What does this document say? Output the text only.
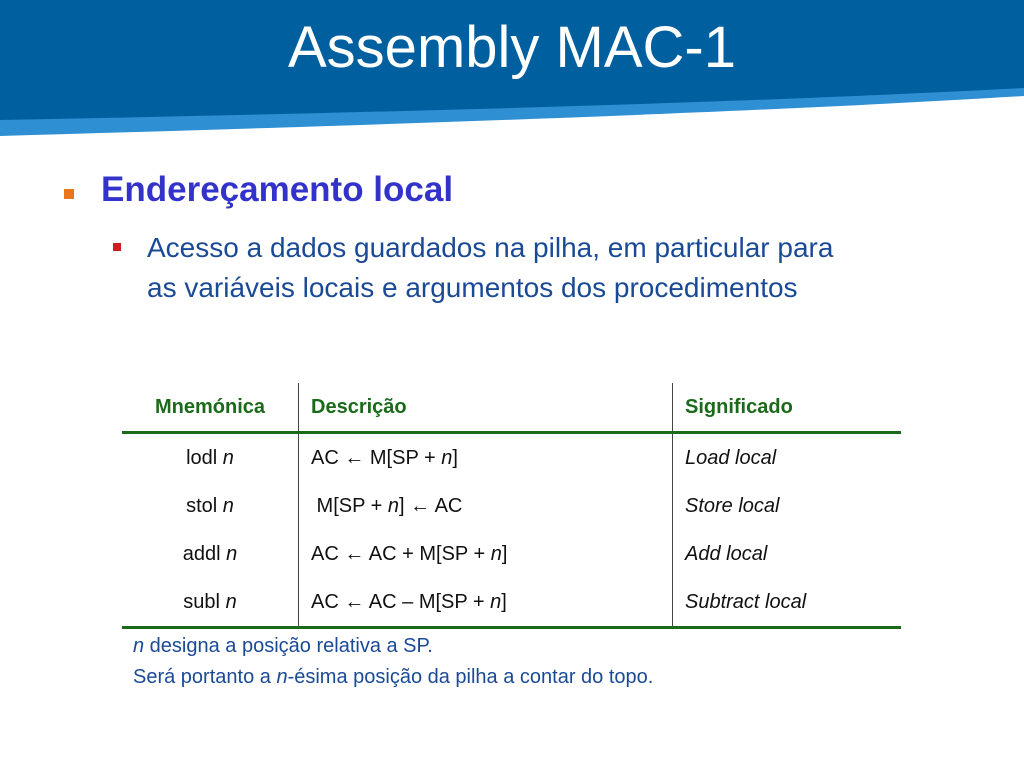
Assembly MAC-1
Endereçamento local
Acesso a dados guardados na pilha, em particular para
as variáveis locais e argumentos dos procedimentos
Mnemónica	Descrição	Significado
lodl n	AC ← M[SP + n]	Load local
stol n	M[SP + n] ← AC	Store local
addl n	AC ← AC + M[SP + n]	Add local
subl n	AC ← AC – M[SP + n]	Subtract local
n designa a posição relativa a SP.
Será portanto a n-ésima posição da pilha a contar do topo.
